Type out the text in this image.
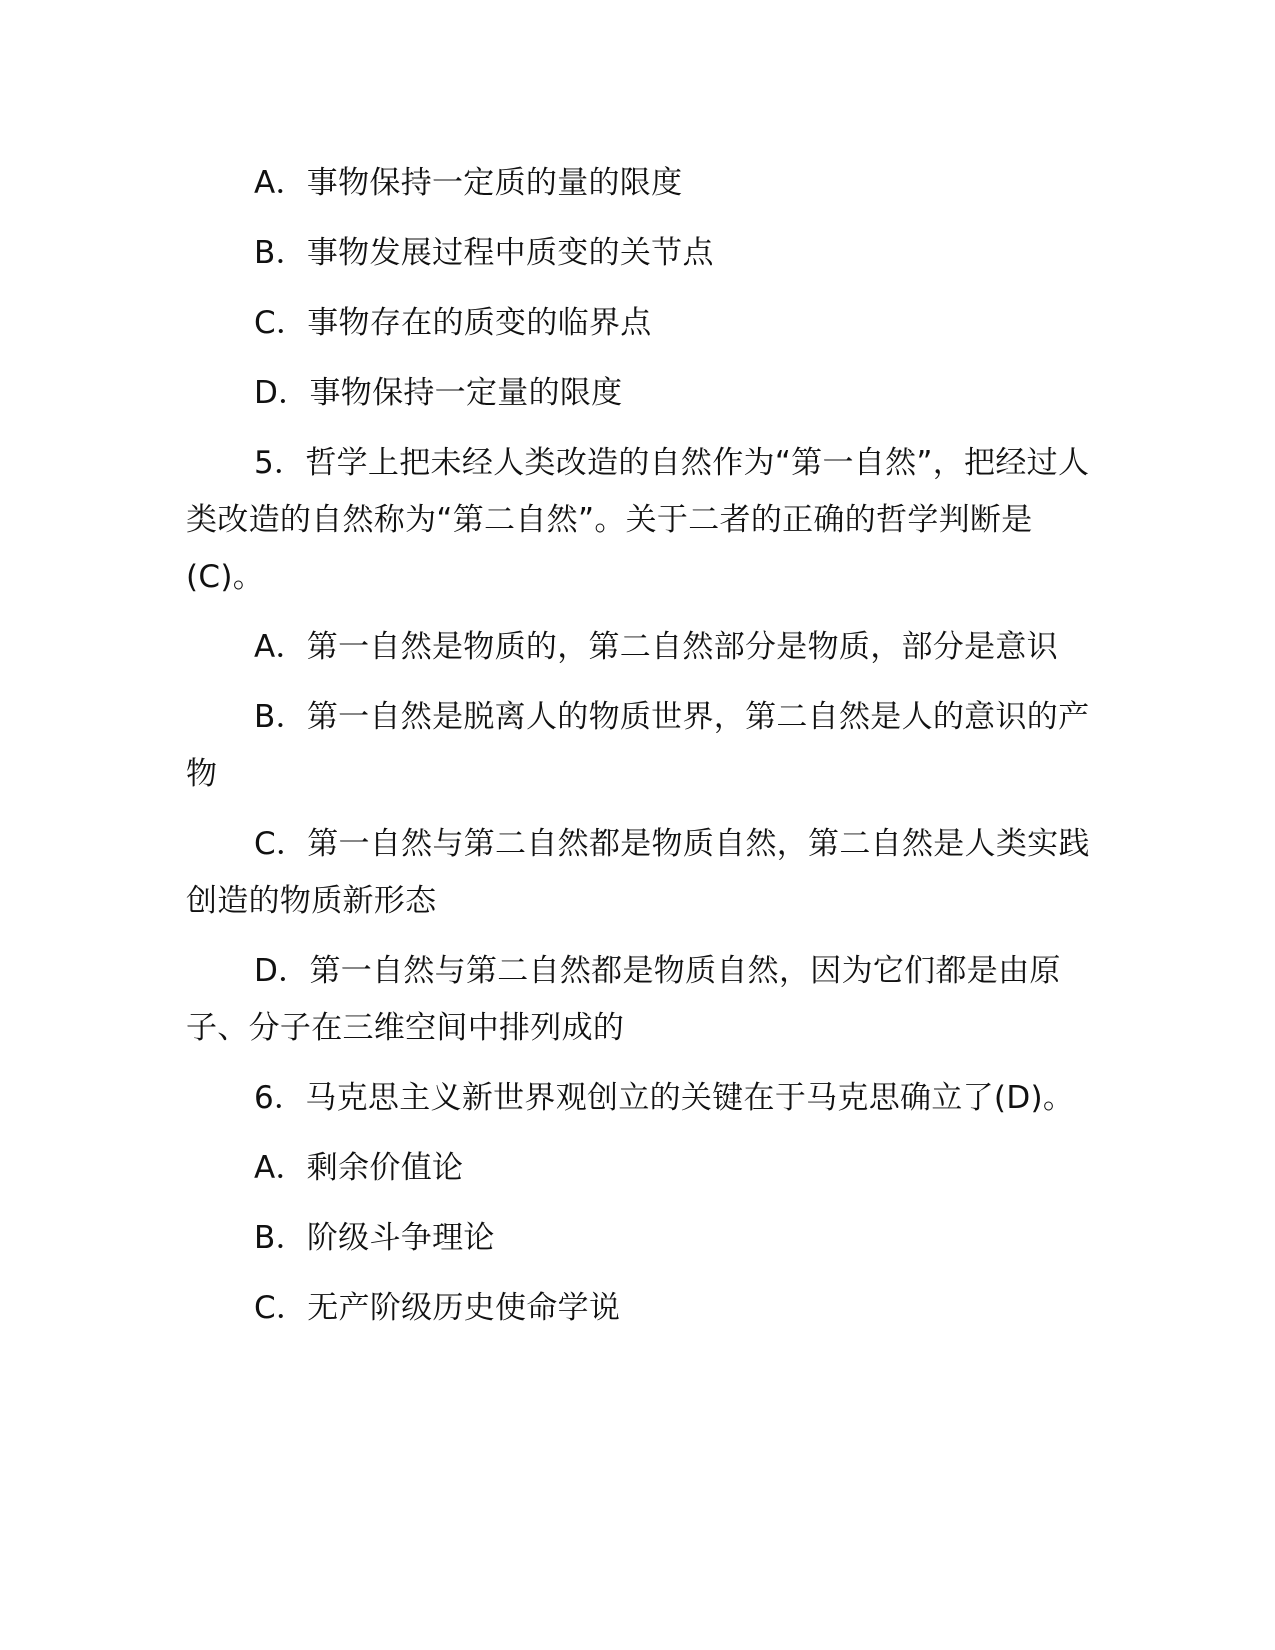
A．事物保持一定质的量的限度

B．事物发展过程中质变的关节点

C．事物存在的质变的临界点

D．事物保持一定量的限度

5．哲学上把未经人类改造的自然作为“第一自然”，把经过人类改造的自然称为“第二自然”。关于二者的正确的哲学判断是(C)。

A．第一自然是物质的，第二自然部分是物质，部分是意识

B．第一自然是脱离人的物质世界，第二自然是人的意识的产物

C．第一自然与第二自然都是物质自然，第二自然是人类实践创造的物质新形态

D．第一自然与第二自然都是物质自然，因为它们都是由原子、分子在三维空间中排列成的

6．马克思主义新世界观创立的关键在于马克思确立了(D)。

A．剩余价值论

B．阶级斗争理论

C．无产阶级历史使命学说
